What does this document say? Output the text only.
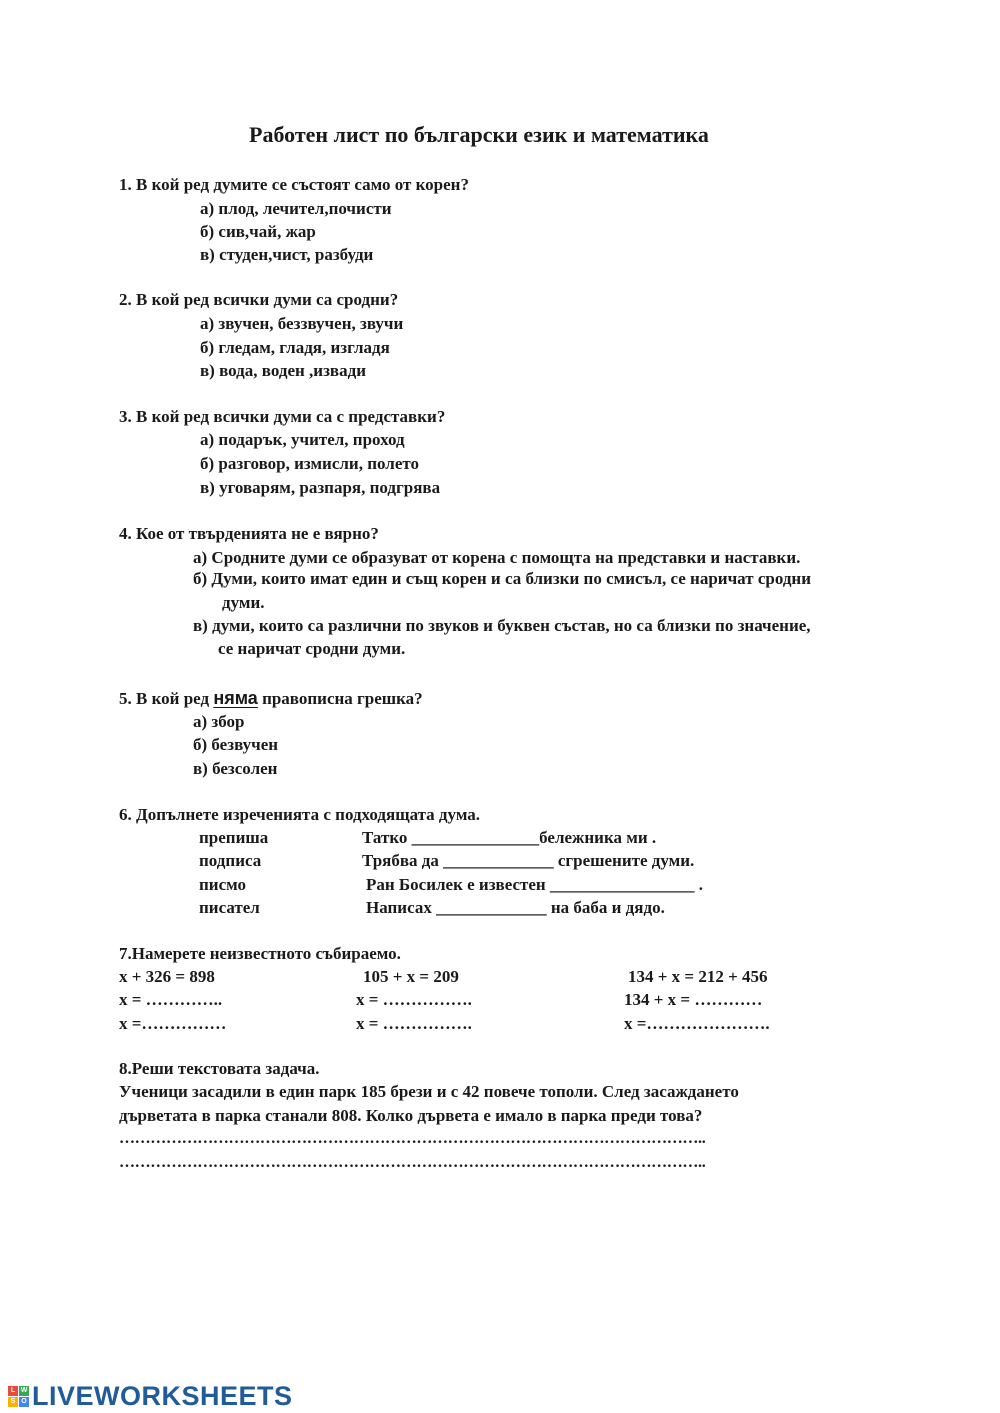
Работен лист по български език и математика
1. В кой ред думите се състоят само от корен?
а) плод, лечител,почисти
б) сив,чай, жар
в) студен,чист, разбуди
2. В кой ред всички думи са сродни?
а) звучен, беззвучен, звучи
б) гледам, гладя, изгладя
в) вода, воден ,извади
3. В кой ред всички думи са с представки?
а) подарък, учител, проход
б) разговор, измисли, полето
в) уговарям, разпаря, подгрява
4. Кое от твърденията не е вярно?
а) Сродните думи се образуват от корена с помощта на представки и наставки.
б) Думи, които имат един и същ корен и са близки по смисъл, се наричат сродни
думи.
в) думи, които са различни по звуков и буквен състав, но са близки по значение,
се наричат сродни думи.
5. В кой ред няма правописна грешка?
а) збор
б) безвучен
в) безсолен
6. Допълнете изреченията с подходящата дума.
препиша
подписа
писмо
писател
Татко _______________бележника ми .
Трябва да _____________ сгрешените думи.
Ран Босилек е известен _________________ .
Написах _____________ на баба и дядо.
7.Намерете неизвестното събираемо.
x + 326 = 898
x = …………..
x =……………
105 + x = 209
x = …………….
x = …………….
134 + x = 212 + 456
134 + x = …………
x =………………….
8.Реши текстовата задача.
Ученици засадили в един парк 185 брези и с 42 повече тополи. След засаждането
дърветата в парка станали 808. Колко дървета е имало в парка преди това?
…………………………………………………………………………………………………..
…………………………………………………………………………………………………..
L W
S O LIVEWORKSHEETS
